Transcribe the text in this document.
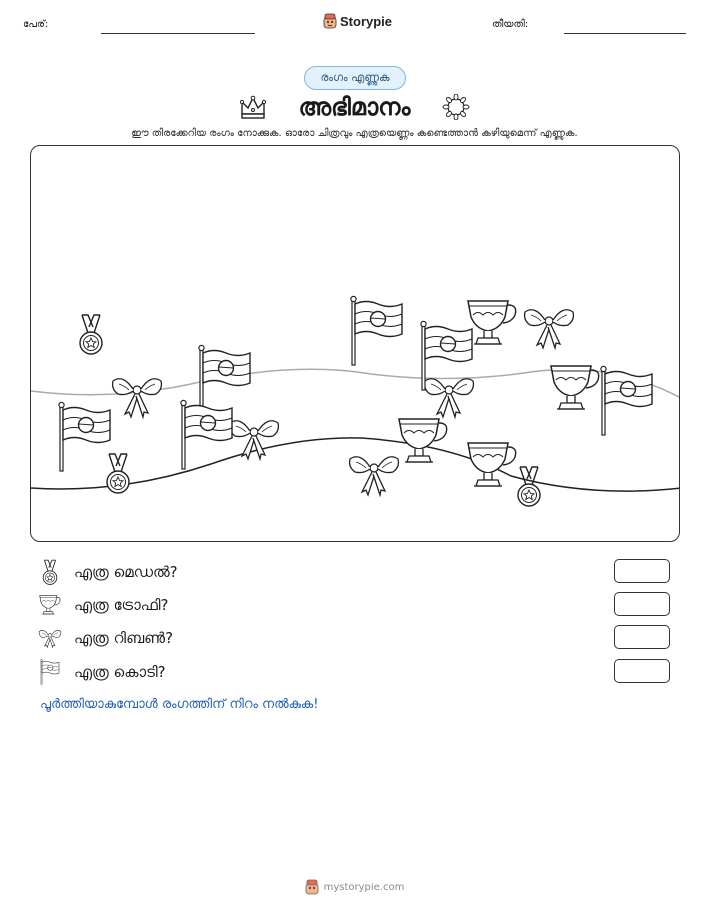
പേര്:	Storypie	തീയതി:
രംഗം എണ്ണുക
അഭിമാനം
ഈ തിരക്കേറിയ രംഗം നോക്കുക. ഓരോ ചിത്രവും എത്രയെണ്ണം കണ്ടെത്താൻ കഴിയുമെന്ന് എണ്ണുക.
എത്ര മെഡൽ?
എത്ര ട്രോഫി?
എത്ര റിബൺ?
എത്ര കൊടി?
പൂർത്തിയാകുമ്പോൾ രംഗത്തിന് നിറം നൽകുക!
mystorypie.com
